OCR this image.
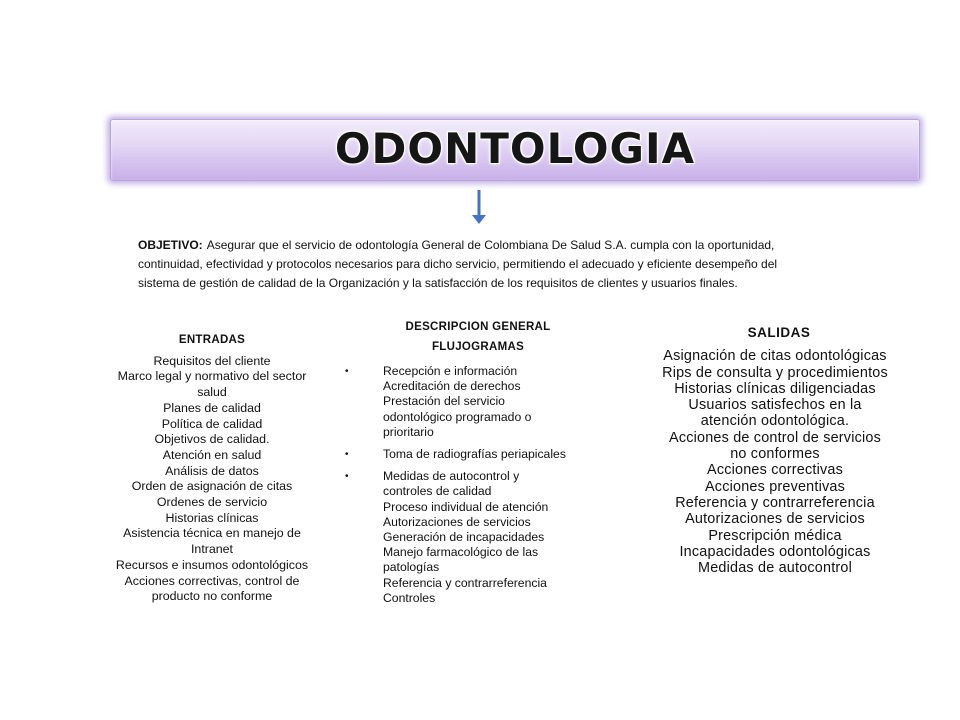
ODONTOLOGIA
OBJETIVO: Asegurar que el servicio de odontología General de Colombiana De Salud S.A. cumpla con la oportunidad,
continuidad, efectividad y protocolos necesarios para dicho servicio, permitiendo el adecuado y eficiente desempeño del
sistema de gestión de calidad de la Organización y la satisfacción de los requisitos de clientes y usuarios finales.
ENTRADAS
Requisitos del cliente
Marco legal y normativo del sector
salud
Planes de calidad
Política de calidad
Objetivos de calidad.
Atención en salud
Análisis de datos
Orden de asignación de citas
Ordenes de servicio
Historias clínicas
Asistencia técnica en manejo de
Intranet
Recursos e insumos odontológicos
Acciones correctivas, control de
producto no conforme
DESCRIPCION GENERAL
FLUJOGRAMAS
•	Recepción e información
Acreditación de derechos
Prestación del servicio
odontológico programado o
prioritario
•	Toma de radiografías periapicales
•	Medidas de autocontrol y
controles de calidad
Proceso individual de atención
Autorizaciones de servicios
Generación de incapacidades
Manejo farmacológico de las
patologías
Referencia y contrarreferencia
Controles
SALIDAS
Asignación de citas odontológicas
Rips de consulta y procedimientos
Historias clínicas diligenciadas
Usuarios satisfechos en la
atención odontológica.
Acciones de control de servicios
no conformes
Acciones correctivas
Acciones preventivas
Referencia y contrarreferencia
Autorizaciones de servicios
Prescripción médica
Incapacidades odontológicas
Medidas de autocontrol
